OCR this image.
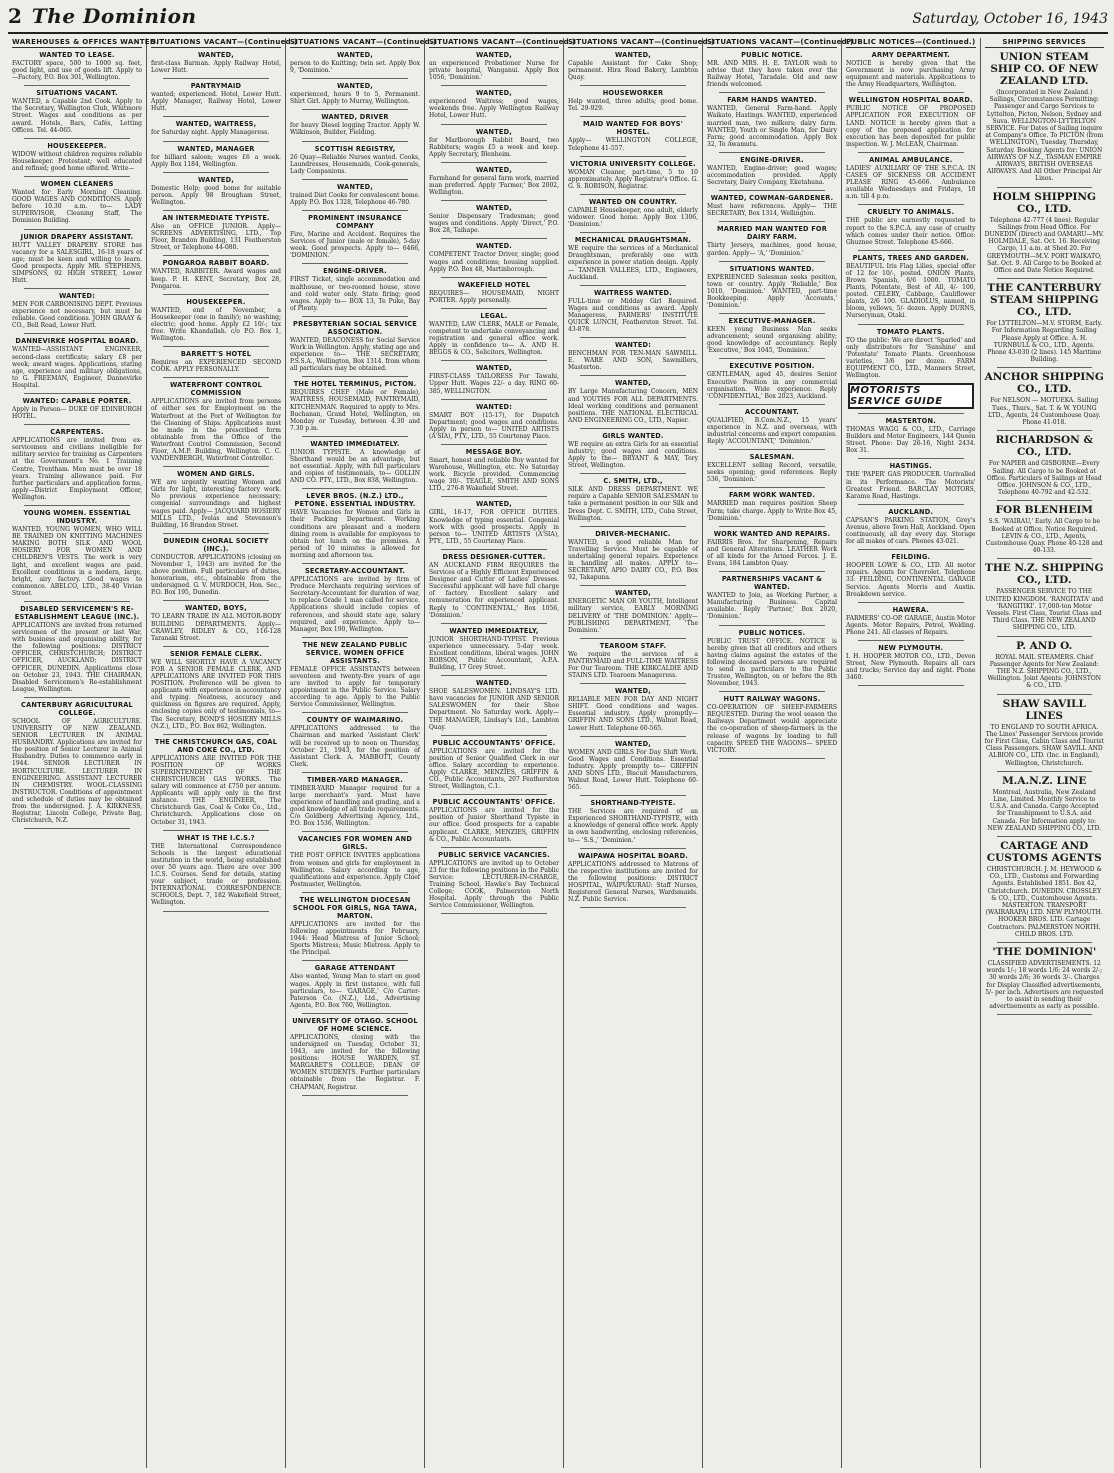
2 The Dominion	Saturday, October 16, 1943
WAREHOUSES & OFFICES WANTED.
WANTED TO LEASE.

FACTORY space, 500 to 1000 sq. feet, good light, and use of goods lift. Apply to—Factory, P.O. Box 301, Wellington.

SITUATIONS VACANT.

WANTED, a Capable 2nd Cook. Apply to the Secretary, Wellington Club, Whitmore Street. Wages and conditions as per award. Hotels, Bars, Cafés, Letting Offices. Tel. 44-065.

HOUSEKEEPER.

WIDOW without children requires reliable Housekeeper. Protestant; well educated and refined; good home offered. Write—

WOMEN CLEANERS

Wanted for Early Morning Cleaning. GOOD WAGES AND CONDITIONS. Apply before 10.30 a.m. to— LADY SUPERVISOR, Cleaning Staff, The Dominion Building.

JUNIOR DRAPERY ASSISTANT.

HUTT VALLEY DRAPERY STORE has vacancy for a SALESGIRL, 16-18 years of age; must be keen and willing to learn. Good prospects. Apply MR. STEPHENS, SIMPSONS, 92 HIGH STREET, Lower Hutt.

WANTED:

MEN FOR CARBONISING DEPT. Previous experience not necessary, but must be reliable. Good conditions. JOHN GRAAY & CO., Bell Road, Lower Hutt.

DANNEVIRKE HOSPITAL BOARD.

WANTED—ASSISTANT ENGINEER, second-class certificate; salary £8 per week; award wages. Applications, stating age, experience and military obligations, to G. FREEMAN, Engineer, Dannevirke Hospital.

WANTED: CAPABLE PORTER.

Apply in Person— DUKE OF EDINBURGH HOTEL.

CARPENTERS.

APPLICATIONS are invited from ex-servicemen and civilians ineligible for military service for training as Carpenters at the Government's No. 1 Training Centre, Trentham. Men must be over 18 years. Training allowance paid. For further particulars and application forms, apply—District Employment Officer, Wellington.

YOUNG WOMEN. ESSENTIAL INDUSTRY.

WANTED, YOUNG WOMEN, WHO WILL BE TRAINED ON KNITTING MACHINES MAKING BOTH SILK AND WOOL HOSIERY FOR WOMEN AND CHILDREN'S VESTS. The work is very light, and excellent wages are paid. Excellent conditions in a modern, large, bright, airy factory. Good wages to commence. ABELCO, LTD., 38-40 Vivian Street.

DISABLED SERVICEMEN'S RE-ESTABLISHMENT LEAGUE (INC.).

APPLICATIONS are invited from returned servicemen of the present or last War, with business and organising ability, for the following positions: DISTRICT OFFICER, CHRISTCHURCH; DISTRICT OFFICER, AUCKLAND; DISTRICT OFFICER, DUNEDIN. Applications close on October 23, 1943. THE CHAIRMAN, Disabled Servicemen's Re-establishment League, Wellington.

CANTERBURY AGRICULTURAL COLLEGE.

SCHOOL OF AGRICULTURE. UNIVERSITY OF NEW ZEALAND. SENIOR LECTURER IN ANIMAL HUSBANDRY. Applications are invited for the position of Senior Lecturer in Animal Husbandry. Duties to commence early in 1944. SENIOR LECTURER IN HORTICULTURE. LECTURER IN ENGINEERING. ASSISTANT LECTURER IN CHEMISTRY. WOOL-CLASSING INSTRUCTOR. Conditions of appointment and schedule of duties may be obtained from the undersigned. J. A. KIRKNESS, Registrar, Lincoln College, Private Bag, Christchurch, N.Z.

SITUATIONS VACANT—(Continued.)
WANTED,

first-class Barman. Apply Railway Hotel, Lower Hutt.

PANTRYMAID

wanted; experienced. Hotel, Lower Hutt. Apply Manager, Railway Hotel, Lower Hutt.

WANTED, WAITRESS,

for Saturday night. Apply Manageress.

WANTED, MANAGER

for billiard saloon; wages £6 a week. Apply Box 1184, Wellington.

WANTED,

Domestic Help; good home for suitable person. Apply 98 Brougham Street, Wellington.

AN INTERMEDIATE TYPISTE.

Also an OFFICE JUNIOR. Apply— SCREENS ADVERTISING, LTD., Top Floor, Brandon Building, 131 Featherston Street, or Telephone 44-080.

PONGAROA RABBIT BOARD.

WANTED, RABBITER. Award wages and keep. P. H. KENT, Secretary, Box 28, Pongaroa.

HOUSEKEEPER.

WANTED, end of November, a Housekeeper (one in family); no washing; electric; good home. Apply £2 10/-; tax free. Write Khandallah. c/o P.O. Box 1, Wellington.

BARRETT'S HOTEL

Requires an EXPERIENCED SECOND COOK. APPLY PERSONALLY.

WATERFRONT CONTROL COMMISSION

APPLICATIONS are invited from persons of either sex for Employment on the Waterfront at the Port of Wellington for the Cleaning of Ships. Applications must be made in the prescribed form obtainable from the Office of the Waterfront Control Commission, Second Floor, A.M.P. Building, Wellington. C. C. VANDENBERGH, Waterfront Controller.

WOMEN AND GIRLS.

WE are urgently wanting Women and Girls for light, interesting factory work. No previous experience necessary; congenial surroundings and highest wages paid. Apply— JACQUARD HOSIERY MILLS LTD., Ivelas and Stevenson's Building, 16 Brandon Street.

DUNEDIN CHORAL SOCIETY (INC.).

CONDUCTOR. APPLICATIONS (closing on November 1, 1943) are invited for the above position. Full particulars of duties, honorarium, etc., obtainable from the undersigned. G. V. MURDOCH, Hon. Sec., P.O. Box 195, Dunedin.

WANTED, BOYS,

TO LEARN TRADE IN ALL MOTOR-BODY BUILDING DEPARTMENTS. Apply— CRAWLEY, RIDLEY & CO., 116-128 Taranaki Street.

SENIOR FEMALE CLERK.

WE WILL SHORTLY HAVE A VACANCY FOR A SENIOR FEMALE CLERK, AND APPLICATIONS ARE INVITED FOR THIS POSITION. Preference will be given to applicants with experience in accountancy and typing. Neatness, accuracy and quickness on figures are required. Apply, enclosing copies only of testimonials, to— The Secretary, BOND'S HOSIERY MILLS (N.Z.), LTD., P.O. Box 862, Wellington.

THE CHRISTCHURCH GAS, COAL AND COKE CO., LTD.

APPLICATIONS ARE INVITED FOR THE POSITION OF WORKS SUPERINTENDENT OF THE CHRISTCHURCH GAS WORKS. The salary will commence at £750 per annum. Applicants will apply only in the first instance. THE ENGINEER, The Christchurch Gas, Coal & Coke Co., Ltd., Christchurch. Applications close on October 31, 1943.

WHAT IS THE I.C.S.?

THE International Correspondence Schools is the largest educational institution in the world, being established over 50 years ago. There are over 300 I.C.S. Courses. Send for details, stating your subject, trade or profession. INTERNATIONAL CORRESPONDENCE SCHOOLS, Dept. 7, 182 Wakefield Street, Wellington.

SITUATIONS VACANT—(Continued.)
WANTED,

person to do Knitting; twin set. Apply Box 9, 'Dominion.'

WANTED,

experienced, hours 9 to 5, Permanent. Shirt Girl. Apply to Murray, Wellington.

WANTED, DRIVER

for heavy Diesel logging Tractor. Apply W. Wilkinson, Builder, Fielding.

SCOTTISH REGISTRY,

26 Quay—Reliable Nurses wanted. Cooks, Laundresses, Housemaids, Cook-generals, Lady Companions.

WANTED,

trained Diet Cooks for convalescent home. Apply P.O. Box 1328, Telephone 46-780.

PROMINENT INSURANCE COMPANY

Fire, Marine and Accident. Requires the Services of Junior (male or female), 5-day week. Good prospects. Apply to— 6466, 'DOMINION.'

ENGINE-DRIVER.

FIRST Ticket, single accommodation and malthouse, or two-roomed house, stove and cold water only. State firing; good wages. Apply to— BOX 13, Te Puke, Bay of Plenty.

PRESBYTERIAN SOCIAL SERVICE ASSOCIATION.

WANTED, DEACONESS for Social Service Work in Wellington. Apply, stating age and experience to— THE SECRETARY, P.S.S.A., Wellington, Box 1314. from whom all particulars may be obtained.

THE HOTEL TERMINUS, PICTON.

REQUIRES CHEF (Male or Female), WAITRESS, HOUSEMAID, PANTRYMAID, KITCHENMAN. Required to apply to Mrs. Buchanan, Grand Hotel, Wellington, on Monday or Tuesday, between 4.30 and 7.30 p.m.

WANTED IMMEDIATELY.

JUNIOR TYPISTE. A knowledge of Shorthand would be an advantage, but not essential. Apply, with full particulars and copies of testimonials, to— GOLLIN AND CO. PTY., LTD., Box 838, Wellington.

LEVER BROS. (N.Z.) LTD., PETONE. ESSENTIAL INDUSTRY.

HAVE Vacancies for Women and Girls in their Packing Department. Working conditions are pleasant and a modern dining room is available for employees to obtain hot lunch on the premises. A period of 10 minutes is allowed for morning and afternoon tea.

SECRETARY-ACCOUNTANT.

APPLICATIONS are invited by firm of Produce Merchants requiring services of Secretary-Accountant for duration of war, to replace Grade 1 man called for service. Applications should include copies of references, and should state age, salary required, and experience. Apply to— Manager, Box 190, Wellington.

THE NEW ZEALAND PUBLIC SERVICE. WOMEN OFFICE ASSISTANTS.

FEMALE OFFICE ASSISTANTS between seventeen and twenty-five years of age are invited to apply for temporary appointment in the Public Service. Salary according to age. Apply to the Public Service Commissioner, Wellington.

COUNTY OF WAIMARINO.

APPLICATIONS addressed to the Chairman and marked 'Assistant Clerk' will be received up to noon on Thursday, October 21, 1943, for the position of Assistant Clerk. A. MABBOTT, County Clerk.

TIMBER-YARD MANAGER.

TIMBER-YARD Manager required for a large merchant's yard. Must have experience of handling and grading, and a good knowledge of all trade requirements. C/o Goldberg Advertising Agency, Ltd., P.O. Box 1536, Wellington.

VACANCIES FOR WOMEN AND GIRLS.

THE POST OFFICE INVITES applications from women and girls for employment in Wellington. Salary according to age, qualifications and experience. Apply Chief Postmaster, Wellington.

THE WELLINGTON DIOCESAN SCHOOL FOR GIRLS, NGA TAWA, MARTON.

APPLICATIONS are invited for the following appointments for February, 1944: Head Mistress of Junior School; Sports Mistress; Music Mistress. Apply to the Principal.

GARAGE ATTENDANT

Also wanted, Young Man to start on good wages. Apply in first instance, with full particulars, to— 'GARAGE,' C/o Carter-Paterson Co. (N.Z.), Ltd., Advertising Agents, P.O. Box 760, Wellington.

UNIVERSITY OF OTAGO. SCHOOL OF HOME SCIENCE.

APPLICATIONS, closing with the undersigned on Tuesday, October 31, 1943, are invited for the following positions: HOUSE WARDEN, ST. MARGARET'S COLLEGE; DEAN OF WOMEN STUDENTS. Further particulars obtainable from the Registrar. F. CHAPMAN, Registrar.

SITUATIONS VACANT—(Continued.)
WANTED,

an experienced Probationer Nurse for private hospital, Wanganui. Apply Box 1056, 'Dominion.'

WANTED,

experienced Waitress; good wages, weekends free. Apply Wellington Railway Hotel, Lower Hutt.

WANTED,

for Marlborough Rabbit Board, two Rabbiters; wages £5 a week and keep. Apply Secretary, Blenheim.

WANTED,

Farmhand for general farm work, married man preferred. Apply 'Farmer,' Box 2002, Wellington.

WANTED,

Senior Dispensary Tradesman; good wages and conditions. Apply 'Direct,' P.O. Box 28, Taihape.

WANTED.

COMPETENT Tractor Driver, single; good wages and conditions; housing supplied. Apply P.O. Box 48, Martinborough.

WAKEFIELD HOTEL

REQUIRES— HOUSEMAID, NIGHT PORTER. Apply personally.

LEGAL.

WANTED, LAW CLERK, MALE or Female, competent to undertake conveyancing and registration and general office work. Apply in confidence to— A. AND H. BEGGS & CO., Solicitors, Wellington.

WANTED,

FIRST-CLASS TAILORESS For Tawahi, Upper Hutt. Wages 22/- a day. RING 60-385, WELLINGTON.

WANTED:

SMART BOY (15-17), for Dispatch Department; good wages and conditions. Apply in person to— UNITED ARTISTS (A'SIA), PTY., LTD., 55 Courtenay Place.

MESSAGE BOY.

Smart, honest and reliable Boy wanted for Warehouse, Wellington, etc. No Saturday work. Bicycle provided. Commencing wage 30/-. TEAGLE, SMITH AND SONS LTD., 276-8 Wakefield Street.

WANTED,

GIRL, 16-17, FOR OFFICE DUTIES. Knowledge of typing essential. Congenial work with good prospects. Apply in person to— UNITED ARTISTS (A'SIA), PTY., LTD., 55 Courtenay Place.

DRESS DESIGNER-CUTTER.

AN AUCKLAND FIRM REQUIRES the Services of a Highly Efficient Experienced Designer and Cutter of Ladies' Dresses. Successful applicant will have full charge of factory. Excellent salary and remuneration for experienced applicant. Reply to 'CONTINENTAL,' Box 1056, 'Dominion.'

WANTED IMMEDIATELY,

JUNIOR SHORTHAND-TYPIST. Previous experience unnecessary. 5-day week. Excellent conditions, liberal wages. JOHN ROBSON, Public Accountant, A.P.A. Building, 17 Grey Street.

WANTED.

SHOE SALESWOMEN. LINDSAY'S LTD. have vacancies for JUNIOR AND SENIOR SALESWOMEN for their Shoe Department. No Saturday work. Apply— THE MANAGER, Lindsay's Ltd., Lambton Quay.

PUBLIC ACCOUNTANTS' OFFICE.

APPLICATIONS are invited for the position of Senior Qualified Clerk in our office. Salary according to experience. Apply CLARKE, MENZIES, GRIFFIN & CO., Public Accountants, 207 Featherston Street, Wellington, C.1.

PUBLIC ACCOUNTANTS' OFFICE.

APPLICATIONS are invited for the position of Junior Shorthand Typiste in our office. Good prospects for a capable applicant. CLARKE, MENZIES, GRIFFIN & CO., Public Accountants.

PUBLIC SERVICE VACANCIES.

APPLICATIONS are invited up to October 23 for the following positions in the Public Service: LECTURER-IN-CHARGE, Training School, Hawke's Bay Technical College; COOK, Palmerston North Hospital. Apply through the Public Service Commissioner, Wellington.

SITUATIONS VACANT—(Continued.)
WANTED,

Capable Assistant for Cake Shop; permanent. Hira Road Bakery, Lambton Quay.

HOUSEWORKER

Help wanted, three adults; good home. Tel. 29-929.

MAID WANTED FOR BOYS' HOSTEL.

Apply— WELLINGTON COLLEGE, Telephone 41-557.

VICTORIA UNIVERSITY COLLEGE.

WOMAN Cleaner, part-time, 5 to 10 approximately. Apply Registrar's Office. G. G. S. ROBISON, Registrar.

WANTED ON COUNTRY.

CAPABLE Housekeeper, one adult, elderly widower. Good home. Apply Box 1306, 'Dominion.'

MECHANICAL DRAUGHTSMAN.

WE require the services of a Mechanical Draughtsman, preferably one with experience in power station design. Apply— TANNER VALLEES, LTD., Engineers, Auckland.

WAITRESS WANTED.

FULL-time or Midday Girl Required. Wages and conditions as award. Apply Manageress, FARMERS' INSTITUTE QUICK LUNCH, Featherston Street. Tel. 43-878.

WANTED:

BENCHMAN FOR TEN-MAN SAWMILL. E. WARE AND SON, Sawmillers, Masterton.

WANTED,

BY Large Manufacturing Concern, MEN and YOUTHS FOR ALL DEPARTMENTS. Ideal working conditions and permanent positions. THE NATIONAL ELECTRICAL AND ENGINEERING CO., LTD., Napier.

GIRLS WANTED.

WE require an extra Girls for an essential industry; good wages and conditions. Apply to the— BRYANT & MAY, Tory Street, Wellington.

C. SMITH, LTD.,

SILK AND DRESS DEPARTMENT. WE require a Capable SENIOR SALESMAN to take a permanent position in our Silk and Dress Dept. C. SMITH, LTD., Cuba Street, Wellington.

DRIVER-MECHANIC.

WANTED, a good reliable Man for Travelling Service. Must be capable of undertaking general repairs. Experience in handling all makes. APPLY to— SECRETARY, APIO DAIRY CO., P.O. Box 92, Takapuna.

WANTED,

ENERGETIC MAN OR YOUTH, Intelligent military service, EARLY MORNING DELIVERY of 'THE DOMINION.' Apply— PUBLISHING DEPARTMENT, 'The Dominion.'

TEAROOM STAFF.

We require the services of a PANTRYMAID and FULL-TIME WAITRESS For Our Tearoom. THE KIRKCALDIE AND STAINS LTD. Tearoom Manageress.

WANTED,

RELIABLE MEN FOR DAY AND NIGHT SHIFT. Good conditions and wages. Essential industry. Apply promptly— GRIFFIN AND SONS LTD., Walnut Road, Lower Hutt. Telephone 60-565.

WANTED,

WOMEN AND GIRLS For Day Shift Work. Good Wages and Conditions. Essential Industry. Apply promptly to— GRIFFIN AND SONS LTD., Biscuit Manufacturers, Walnut Road, Lower Hutt. Telephone 60-565.

SHORTHAND-TYPISTE.

THE Services are required of an Experienced SHORTHAND-TYPISTE, with a knowledge of general office work. Apply in own handwriting, enclosing references, to— 'S.S.,' 'Dominion.'

WAIPAWA HOSPITAL BOARD.

APPLICATIONS addressed to Matrons of the respective institutions are invited for the following positions: DISTRICT HOSPITAL, WAIPUKURAU: Staff Nurses, Registered General Nurses, Wardsmaids. N.Z. Public Service.

SITUATIONS VACANT—(Continued.)
PUBLIC NOTICE.

MR. AND MRS. H. E. TAYLOR wish to advise that they have taken over the Railway Hotel, Taradale. Old and new friends welcomed.

FARM HANDS WANTED.

WANTED, General Farm-hand. Apply Waikato, Hastings. WANTED, experienced married man, two milkers; dairy farm. WANTED, Youth or Single Man, for Dairy Farm; good accommodation. Apply Box 32, Te Awamutu.

ENGINE-DRIVER.

WANTED, Engine-driver; good wages; accommodation provided. Apply Secretary, Dairy Company, Eketahuna.

WANTED, COWMAN-GARDENER.

Must have references. Apply— THE SECRETARY, Box 1314, Wellington.

MARRIED MAN WANTED FOR DAIRY FARM.

Thirty Jerseys, machines, good house, garden. Apply— 'A,' 'Dominion.'

SITUATIONS WANTED.

EXPERIENCED Salesman seeks position, town or country. Apply 'Reliable,' Box 1010, 'Dominion.' WANTED, part-time Bookkeeping. Apply 'Accounts,' 'Dominion.'

EXECUTIVE-MANAGER.

KEEN young Business Man seeks advancement; sound organising ability; good knowledge of accountancy. Reply 'Executive,' Box 1045, 'Dominion.'

EXECUTIVE POSITION.

GENTLEMAN, aged 45, desires Senior Executive Position in any commercial organisation. Wide experience. Reply 'CONFIDENTIAL,' Box 2023, Auckland.

ACCOUNTANT.

QUALIFIED, B.Com.N.Z., 15 years' experience in N.Z. and overseas, with industrial concerns and export companies. Reply 'ACCOUNTANT,' 'Dominion.'

SALESMAN.

EXCELLENT selling Record, versatile, seeks opening; good references. Reply 536, 'Dominion.'

FARM WORK WANTED.

MARRIED man requires position Sheep Farm; take charge. Apply to Write Box 45, 'Dominion.'

WORK WANTED AND REPAIRS.

FAIRRIS Bros. for Sharpening, Repairs and General Alterations. LEATHER Work of all kinds for the Armed Forces. J. E. Evans, 184 Lambton Quay.

PARTNERSHIPS VACANT & WANTED.

WANTED to Join, as Working Partner, a Manufacturing Business. Capital available. Reply 'Partner,' Box 2020, 'Dominion.'

PUBLIC NOTICES.

PUBLIC TRUST OFFICE. NOTICE is hereby given that all creditors and others having claims against the estates of the following deceased persons are required to send in particulars to the Public Trustee, Wellington, on or before the 8th November, 1943.

HUTT RAILWAY WAGONS.

CO-OPERATION OF SHEEP-FARMERS REQUESTED. During the wool season the Railways Department would appreciate the co-operation of sheep-farmers in the release of wagons by loading to full capacity. SPEED THE WAGONS— SPEED VICTORY.

PUBLIC NOTICES—(Continued.)
ARMY DEPARTMENT.

NOTICE is hereby given that the Government is now purchasing Army equipment and materials. Applications to the Army Headquarters, Wellington.

WELLINGTON HOSPITAL BOARD.

PUBLIC NOTICE OF PROPOSED APPLICATION FOR EXECUTION OF LAND. NOTICE is hereby given that a copy of the proposed application for execution has been deposited for public inspection. W. J. McLEAN, Chairman.

ANIMAL AMBULANCE.

LADIES' AUXILIARY OF THE S.P.C.A. IN CASES OF SICKNESS OR ACCIDENT PLEASE RING 45-666. Ambulance available Wednesdays and Fridays, 10 a.m. till 4 p.m.

CRUELTY TO ANIMALS.

THE public are earnestly requested to report to the S.P.C.A. any case of cruelty which comes under their notice. Office: Ghuznee Street. Telephone 45-666.

PLANTS, TREES AND GARDEN.

BEAUTIFUL Iris Flag Lilies, special offer of 12 for 10/-, posted. ONION Plants, Brown Spanish, 6/6 1000. TOMATO Plants, Potentate, Best of All, 4/- 100, posted. CELERY, Cabbage, Cauliflower plants, 2/6 100. GLADIOLUS, named, in bloom, yellows, 5/- dozen. Apply DURNS, Nurseryman, Otaki.

TOMATO PLANTS.

TO the public: We are direct 'Sparled' and only distributors for 'Sunshine' and 'Potentate' Tomato Plants. Greenhouse varieties, 3/6 per dozen. FARM EQUIPMENT CO., LTD., Manners Street, Wellington.

MOTORISTS SERVICE GUIDE
MASTERTON.

THOMAS WAGG & CO., LTD., Carriage Builders and Motor Engineers, 144 Queen Street. Phone: Day 26-16, Night 2434. Box 31.

HASTINGS.

THE 'PAPER' GAS PRODUCER. Unrivalled in its Performance. The Motorists' Greatest Friend. BARCLAY MOTORS, Karamu Road, Hastings.

AUCKLAND.

CAPSAN'S PARKING STATION, Grey's Avenue, above Town Hall, Auckland. Open continuously, all day every day. Storage for all makes of cars. Phones 43-021.

FEILDING.

HOOPER LOWE & CO., LTD. All motor repairs. Agents for Chevrolet. Telephone 33. FEILDING, CONTINENTAL GARAGE Service. Agents Morris and Austin. Breakdown service.

HAWERA.

FARMERS' CO-OP. GARAGE, Austin Motor Agents. Motor Repairs, Petrol, Welding. Phone 241. All classes of Repairs.

NEW PLYMOUTH.

I. H. HOOPER MOTOR CO., LTD., Devon Street, New Plymouth. Repairs all cars and trucks; Service day and night. Phone 3460.

SHIPPING SERVICES
UNION STEAM SHIP CO. OF NEW ZEALAND LTD.

(Incorporated in New Zealand.) Sailings, Circumstances Permitting: Passenger and Cargo Services to Lyttelton, Picton, Nelson, Sydney and Suva. WELLINGTON-LYTTELTON SERVICE. For Dates of Sailing inquire at Company's Office. To PICTON (from WELLINGTON), Tuesday, Thursday, Saturday. Booking Agents for: UNION AIRWAYS OF N.Z., TASMAN EMPIRE AIRWAYS, BRITISH OVERSEAS AIRWAYS. And All Other Principal Air Lines.

HOLM SHIPPING CO., LTD.

Telephone 42-777 (4 lines). Regular Sailings from Head Office. For DUNEDIN (Direct) and OAMARU—MV. HOLMDALE, Sat. Oct. 16. Receiving Cargo, 11 a.m. at Shed 20. For GREYMOUTH—M.V. PORT WAIKATO, Sat. Oct. 9. All Cargo to be Booked at Office and Date Notice Required.

THE CANTERBURY STEAM SHIPPING CO., LTD.

For LYTTELTON—M.V. STORM, Early. For Information Regarding Sailing Please Apply at Office. A. H. TURNBULL & CO., LTD., Agents. Phone 43-030 (2 lines). 145 Maritime Building.

ANCHOR SHIPPING CO., LTD.

For NELSON — MOTUEKA. Sailing Tues., Thurs., Sat. T. & W. YOUNG LTD., Agents, 24 Customhouse Quay. Phone 41-018.

RICHARDSON & CO., LTD.

For NAPIER and GISBORNE—Every Sailing. All Cargo to be Booked at Office. Particulars of Sailings at Head Office. JOHNSON & CO., LTD., Telephone 40-792 and 42-532.

FOR BLENHEIM

S.S. 'WAIRAU,' Early. All Cargo to be Booked at Office. Notice Required. LEVIN & CO., LTD., Agents, Customhouse Quay. Phone 40-128 and 40-133.

THE N.Z. SHIPPING CO., LTD.

PASSENGER SERVICE TO THE UNITED KINGDOM. 'RANGITATA' and 'RANGITIKI'. 17,000-ton Motor Vessels. First Class, Tourist Class and Third Class. THE NEW ZEALAND SHIPPING CO., LTD.

P. AND O.

ROYAL MAIL STEAMERS. Chief Passenger Agents for New Zealand: THE N.Z. SHIPPING CO., LTD., Wellington. Joint Agents: JOHNSTON & CO., LTD.

SHAW SAVILL LINES

TO ENGLAND TO SOUTH AFRICA. The Lines' Passenger Services provide for First Class, Cabin Class and Tourist Class Passengers. SHAW SAVILL AND ALBION CO., LTD. (Inc. in England), Wellington, Christchurch.

M.A.N.Z. LINE

Montreal, Australia, New Zealand Line, Limited. Monthly Service to U.S.A. and Canada. Cargo Accepted for Transhipment to U.S.A. and Canada. For Information apply to: NEW ZEALAND SHIPPING CO., LTD.

CARTAGE AND CUSTOMS AGENTS

CHRISTCHURCH. J. M. HEYWOOD & CO., LTD., Customs and Forwarding Agents. Established 1851. Box 42, Christchurch. DUNEDIN. CROSSLEY & CO., LTD., Customhouse Agents. MASTERTON. TRANSPORT (WAIRARAPA) LTD. NEW PLYMOUTH. HOOKER BROS. LTD. Cartage Contractors. PALMERSTON NORTH. CHILD BROS. LTD.

'THE DOMINION'

CLASSIFIED ADVERTISEMENTS. 12 words 1/-; 18 words 1/6; 24 words 2/-; 30 words 2/6; 36 words 3/-. Charges for Display Classified advertisements, 5/- per inch. Advertisers are requested to assist in sending their advertisements as early as possible.
